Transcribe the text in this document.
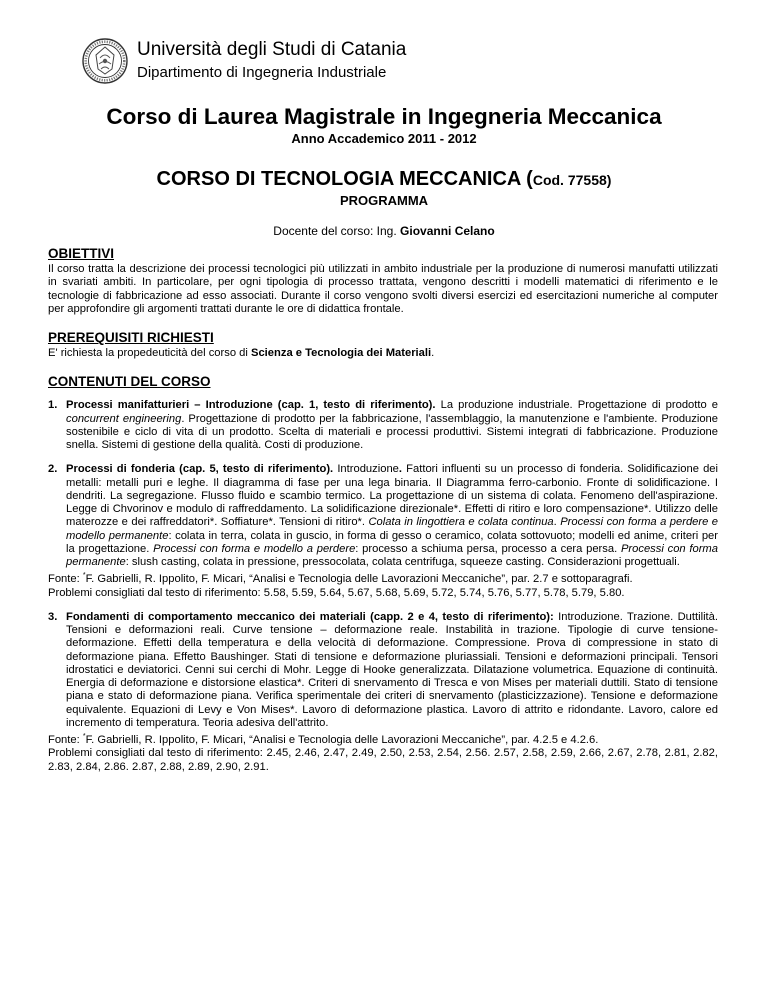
Università degli Studi di Catania
Dipartimento di Ingegneria Industriale
Corso di Laurea Magistrale in Ingegneria Meccanica
Anno Accademico 2011 - 2012
CORSO DI TECNOLOGIA MECCANICA (Cod. 77558)
PROGRAMMA
Docente del corso: Ing. Giovanni Celano
OBIETTIVI

Il corso tratta la descrizione dei processi tecnologici più utilizzati in ambito industriale per la produzione di numerosi manufatti utilizzati in svariati ambiti. In particolare, per ogni tipologia di processo trattata, vengono descritti i modelli matematici di riferimento e le tecnologie di fabbricazione ad esso associati. Durante il corso vengono svolti diversi esercizi ed esercitazioni numeriche al computer per approfondire gli argomenti trattati durante le ore di didattica frontale.

PREREQUISITI RICHIESTI

E' richiesta la propedeuticità del corso di Scienza e Tecnologia dei Materiali.

CONTENUTI DEL CORSO
1. Processi manifatturieri – Introduzione (cap. 1, testo di riferimento). La produzione industriale. Progettazione di prodotto e concurrent engineering. Progettazione di prodotto per la fabbricazione, l'assemblaggio, la manutenzione e l'ambiente. Produzione sostenibile e ciclo di vita di un prodotto. Scelta di materiali e processi produttivi. Sistemi integrati di fabbricazione. Produzione snella. Sistemi di gestione della qualità. Costi di produzione.
2. Processi di fonderia (cap. 5, testo di riferimento). Introduzione. Fattori influenti su un processo di fonderia. Solidificazione dei metalli: metalli puri e leghe. Il diagramma di fase per una lega binaria. Il Diagramma ferro-carbonio. Fronte di solidificazione. I dendriti. La segregazione. Flusso fluido e scambio termico. La progettazione di un sistema di colata. Fenomeno dell'aspirazione. Legge di Chvorinov e modulo di raffreddamento. La solidificazione direzionale*. Effetti di ritiro e loro compensazione*. Utilizzo delle materozze e dei raffreddatori*. Soffiature*. Tensioni di ritiro*. Colata in lingottiera e colata continua. Processi con forma a perdere e modello permanente: colata in terra, colata in guscio, in forma di gesso o ceramico, colata sottovuoto; modelli ed anime, criteri per la progettazione. Processi con forma e modello a perdere: processo a schiuma persa, processo a cera persa. Processi con forma permanente: slush casting, colata in pressione, pressocolata, colata centrifuga, squeeze casting. Considerazioni progettuali.
Fonte: *F. Gabrielli, R. Ippolito, F. Micari, “Analisi e Tecnologia delle Lavorazioni Meccaniche”, par. 2.7 e sottoparagrafi.
Problemi consigliati dal testo di riferimento: 5.58, 5.59, 5.64, 5.67, 5.68, 5.69, 5.72, 5.74, 5.76, 5.77, 5.78, 5.79, 5.80.
3. Fondamenti di comportamento meccanico dei materiali (capp. 2 e 4, testo di riferimento): Introduzione. Trazione. Duttilità. Tensioni e deformazioni reali. Curve tensione – deformazione reale. Instabilità in trazione. Tipologie di curve tensione-deformazione. Effetti della temperatura e della velocità di deformazione. Compressione. Prova di compressione in stato di deformazione piana. Effetto Baushinger. Stati di tensione e deformazione pluriassiali. Tensioni e deformazioni principali. Tensori idrostatici e deviatorici. Cenni sui cerchi di Mohr. Legge di Hooke generalizzata. Dilatazione volumetrica. Equazione di continuità. Energia di deformazione e distorsione elastica*. Criteri di snervamento di Tresca e von Mises per materiali duttili. Stato di tensione piana e stato di deformazione piana. Verifica sperimentale dei criteri di snervamento (plasticizzazione). Tensione e deformazione equivalente. Equazioni di Levy e Von Mises*. Lavoro di deformazione plastica. Lavoro di attrito e ridondante. Lavoro, calore ed incremento di temperatura. Teoria adesiva dell'attrito.
Fonte: *F. Gabrielli, R. Ippolito, F. Micari, “Analisi e Tecnologia delle Lavorazioni Meccaniche”, par. 4.2.5 e 4.2.6.
Problemi consigliati dal testo di riferimento: 2.45, 2.46, 2.47, 2.49, 2.50, 2.53, 2.54, 2.56. 2.57, 2.58, 2.59, 2.66, 2.67, 2.78, 2.81, 2.82, 2.83, 2.84, 2.86. 2.87, 2.88, 2.89, 2.90, 2.91.
